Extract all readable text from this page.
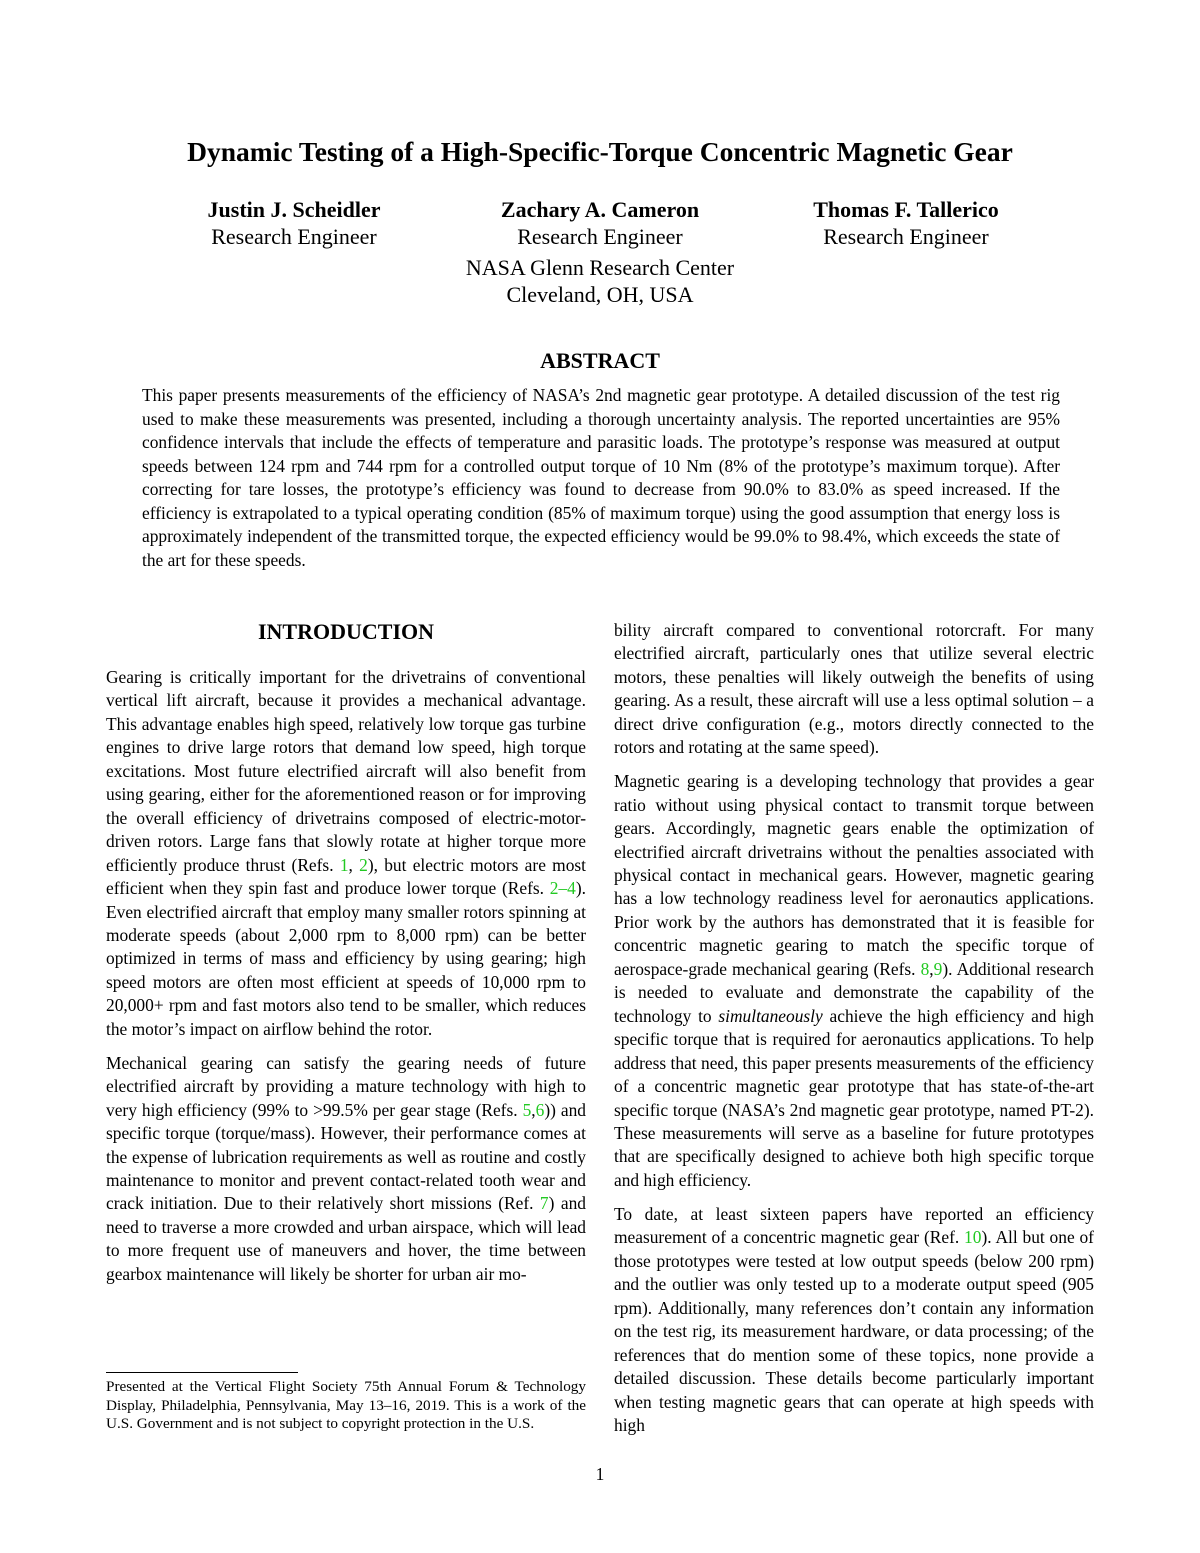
Dynamic Testing of a High-Specific-Torque Concentric Magnetic Gear
Justin J. Scheidler
Research Engineer
Zachary A. Cameron
Research Engineer
Thomas F. Tallerico
Research Engineer
NASA Glenn Research Center
Cleveland, OH, USA
ABSTRACT

This paper presents measurements of the efficiency of NASA’s 2nd magnetic gear prototype. A detailed discussion of the test rig used to make these measurements was presented, including a thorough uncertainty analysis. The reported uncertainties are 95% confidence intervals that include the effects of temperature and parasitic loads. The prototype’s response was measured at output speeds between 124 rpm and 744 rpm for a controlled output torque of 10 Nm (8% of the prototype’s maximum torque). After correcting for tare losses, the prototype’s efficiency was found to decrease from 90.0% to 83.0% as speed increased. If the efficiency is extrapolated to a typical operating condition (85% of maximum torque) using the good assumption that energy loss is approximately independent of the transmitted torque, the expected efficiency would be 99.0% to 98.4%, which exceeds the state of the art for these speeds.

INTRODUCTION

Gearing is critically important for the drivetrains of conventional vertical lift aircraft, because it provides a mechanical advantage. This advantage enables high speed, relatively low torque gas turbine engines to drive large rotors that demand low speed, high torque excitations. Most future electrified aircraft will also benefit from using gearing, either for the aforementioned reason or for improving the overall efficiency of drivetrains composed of electric-motor-driven rotors. Large fans that slowly rotate at higher torque more efficiently produce thrust (Refs. 1, 2), but electric motors are most efficient when they spin fast and produce lower torque (Refs. 2–4). Even electrified aircraft that employ many smaller rotors spinning at moderate speeds (about 2,000 rpm to 8,000 rpm) can be better optimized in terms of mass and efficiency by using gearing; high speed motors are often most efficient at speeds of 10,000 rpm to 20,000+ rpm and fast motors also tend to be smaller, which reduces the motor’s impact on airflow behind the rotor.

Mechanical gearing can satisfy the gearing needs of future electrified aircraft by providing a mature technology with high to very high efficiency (99% to >99.5% per gear stage (Refs. 5,6)) and specific torque (torque/mass). However, their performance comes at the expense of lubrication requirements as well as routine and costly maintenance to monitor and prevent contact-related tooth wear and crack initiation. Due to their relatively short missions (Ref. 7) and need to traverse a more crowded and urban airspace, which will lead to more frequent use of maneuvers and hover, the time between gearbox maintenance will likely be shorter for urban air mo-

Presented at the Vertical Flight Society 75th Annual Forum & Technology Display, Philadelphia, Pennsylvania, May 13–16, 2019. This is a work of the U.S. Government and is not subject to copyright protection in the U.S.

bility aircraft compared to conventional rotorcraft. For many electrified aircraft, particularly ones that utilize several electric motors, these penalties will likely outweigh the benefits of using gearing. As a result, these aircraft will use a less optimal solution – a direct drive configuration (e.g., motors directly connected to the rotors and rotating at the same speed).

Magnetic gearing is a developing technology that provides a gear ratio without using physical contact to transmit torque between gears. Accordingly, magnetic gears enable the optimization of electrified aircraft drivetrains without the penalties associated with physical contact in mechanical gears. However, magnetic gearing has a low technology readiness level for aeronautics applications. Prior work by the authors has demonstrated that it is feasible for concentric magnetic gearing to match the specific torque of aerospace-grade mechanical gearing (Refs. 8,9). Additional research is needed to evaluate and demonstrate the capability of the technology to simultaneously achieve the high efficiency and high specific torque that is required for aeronautics applications. To help address that need, this paper presents measurements of the efficiency of a concentric magnetic gear prototype that has state-of-the-art specific torque (NASA’s 2nd magnetic gear prototype, named PT-2). These measurements will serve as a baseline for future prototypes that are specifically designed to achieve both high specific torque and high efficiency.

To date, at least sixteen papers have reported an efficiency measurement of a concentric magnetic gear (Ref. 10). All but one of those prototypes were tested at low output speeds (below 200 rpm) and the outlier was only tested up to a moderate output speed (905 rpm). Additionally, many references don’t contain any information on the test rig, its measurement hardware, or data processing; of the references that do mention some of these topics, none provide a detailed discussion. These details become particularly important when testing magnetic gears that can operate at high speeds with high

1
